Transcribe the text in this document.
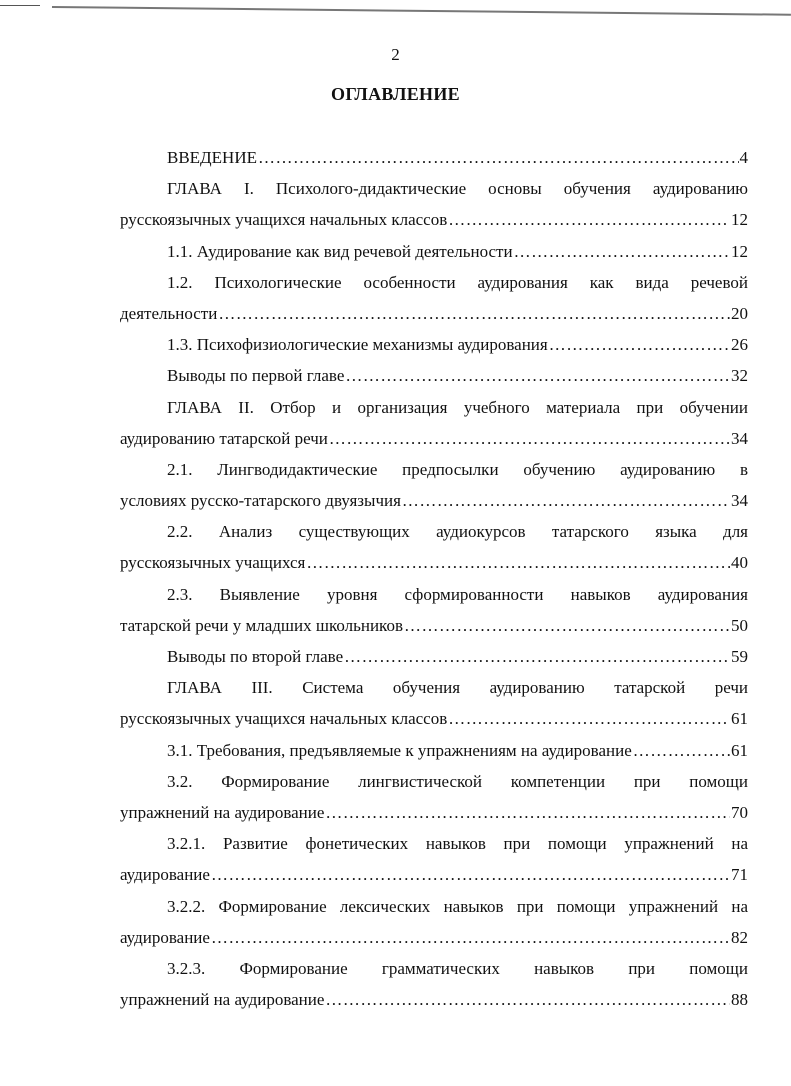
2
ОГЛАВЛЕНИЕ
ВВЕДЕНИЕ …………………………………………………………………………………………………………………………………………………………………………………………	4
ГЛАВА I. Психолого-дидактические основы обучения аудированию
русскоязычных учащихся начальных классов …………………………………………………………………………………………………………………………………………………………………………………………	12
1.1. Аудирование как вид речевой деятельности …………………………………………………………………………………………………………………………………………………………………………………………	12
1.2. Психологические особенности аудирования как вида речевой
деятельности …………………………………………………………………………………………………………………………………………………………………………………………	20
1.3. Психофизиологические механизмы аудирования …………………………………………………………………………………………………………………………………………………………………………………………	26
Выводы по первой главе …………………………………………………………………………………………………………………………………………………………………………………………	32
ГЛАВА II. Отбор и организация учебного материала при обучении
аудированию татарской речи …………………………………………………………………………………………………………………………………………………………………………………………	34
2.1. Лингводидактические предпосылки обучению аудированию в
условиях русско-татарского двуязычия …………………………………………………………………………………………………………………………………………………………………………………………	34
2.2. Анализ существующих аудиокурсов татарского языка для
русскоязычных учащихся …………………………………………………………………………………………………………………………………………………………………………………………	40
2.3. Выявление уровня сформированности навыков аудирования
татарской речи у младших школьников …………………………………………………………………………………………………………………………………………………………………………………………	50
Выводы по второй главе …………………………………………………………………………………………………………………………………………………………………………………………	59
ГЛАВА III. Система обучения аудированию татарской речи
русскоязычных учащихся начальных классов …………………………………………………………………………………………………………………………………………………………………………………………	61
3.1. Требования, предъявляемые к упражнениям на аудирование …………………………………………………………………………………………………………………………………………………………………………………………	61
3.2. Формирование лингвистической компетенции при помощи
упражнений на аудирование …………………………………………………………………………………………………………………………………………………………………………………………	70
3.2.1. Развитие фонетических навыков при помощи упражнений на
аудирование …………………………………………………………………………………………………………………………………………………………………………………………	71
3.2.2. Формирование лексических навыков при помощи упражнений на
аудирование …………………………………………………………………………………………………………………………………………………………………………………………	82
3.2.3. Формирование грамматических навыков при помощи
упражнений на аудирование …………………………………………………………………………………………………………………………………………………………………………………………	88
